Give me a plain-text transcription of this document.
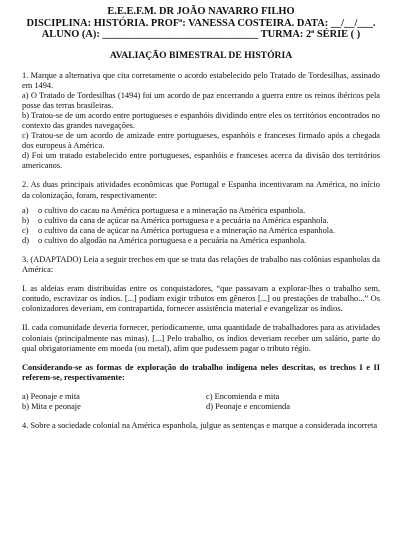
E.E.E.F.M. DR JOÃO NAVARRO FILHO
DISCIPLINA: HISTÓRIA. PROFª: VANESSA COSTEIRA. DATA: __/__/___.
ALUNO (A): ______________________________ TURMA: 2ª SÉRIE ( )
AVALIAÇÃO BIMESTRAL DE HISTÓRIA

1. Marque a alternativa que cita corretamente o acordo estabelecido pelo Tratado de Tordesilhas, assinado em 1494.

a) O Tratado de Tordesilhas (1494) foi um acordo de paz encerrando a guerra entre os reinos ibéricos pela posse das terras brasileiras.

b) Tratou-se de um acordo entre portugueses e espanhóis dividindo entre eles os territórios encontrados no contexto das grandes navegações.

c) Tratou-se de um acordo de amizade entre portugueses, espanhóis e franceses firmado após a chegada dos europeus à América.

d) Foi um tratado estabelecido entre portugueses, espanhóis e franceses acerca da divisão dos territórios americanos.

2. As duas principais atividades econômicas que Portugal e Espanha incentivaram na América, no início da colonização, foram, respectivamente:

a)	o cultivo do cacau na América portuguesa e a mineração na América espanhola.

b)	o cultivo da cana de açúcar na América portuguesa e a pecuária na América espanhola.

c)	o cultivo da cana de açúcar na América portuguesa e a mineração na América espanhola.

d)	o cultivo do algodão na América portuguesa e a pecuária na América espanhola.

3. (ADAPTADO) Leia a seguir trechos em que se trata das relações de trabalho nas colônias espanholas da América:

I. as aldeias eram distribuídas entre os conquistadores, “que passavam a explorar-lhes o trabalho sem, contudo, escravizar os índios. [...] podiam exigir tributos em gêneros [...] ou prestações de trabalho...” Os colonizadores deveriam, em contrapartida, fornecer assistência material e evangelizar os índios.

II. cada comunidade deveria fornecer, periodicamente, uma quantidade de trabalhadores para as atividades coloniais (principalmente nas minas). [...] Pelo trabalho, os índios deveriam receber um salário, parte do qual obrigatoriamente em moeda (ou metal), afim que pudessem pagar o tributo régio.

Considerando-se as formas de exploração do trabalho indígena neles descritas, os trechos I e II referem-se, respectivamente:

a) Peonaje e mita	c) Encomienda e mita
b) Mita e peonaje	d) Peonaje e encomienda

4. Sobre a sociedade colonial na América espanhola, julgue as sentenças e marque a considerada incorreta
